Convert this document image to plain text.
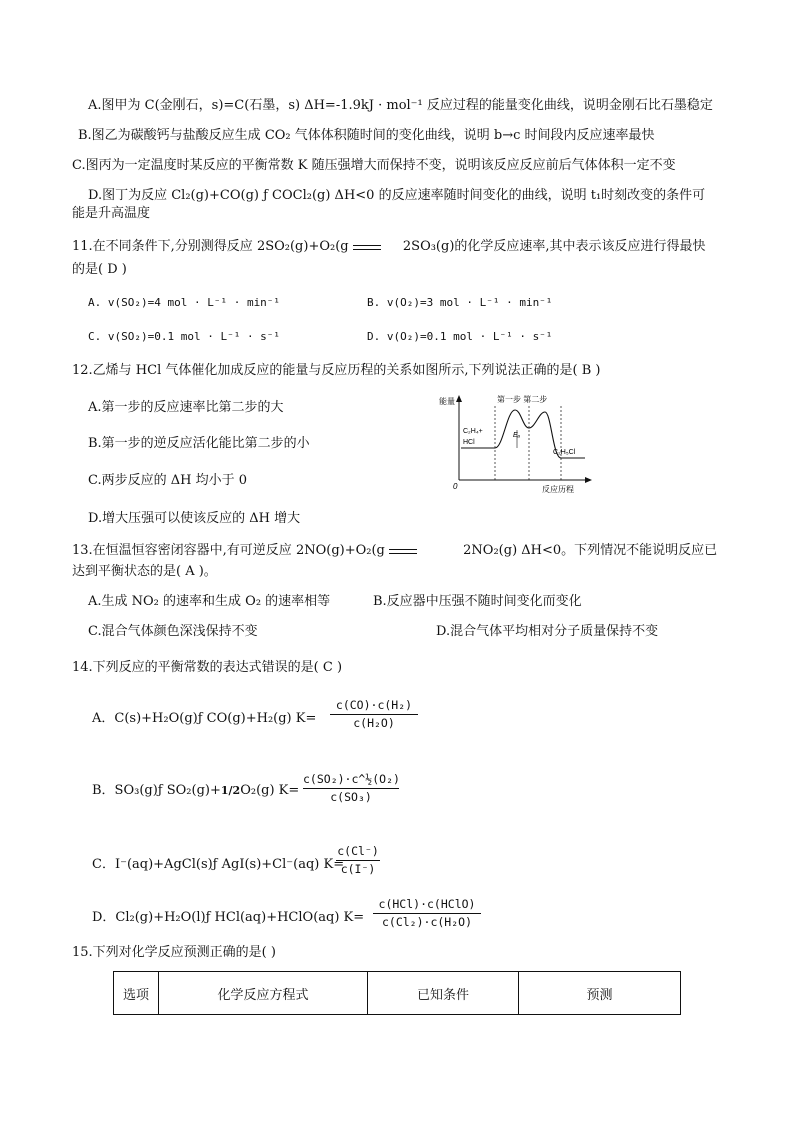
A.图甲为 C(金刚石，s)=C(石墨，s) ΔH=-1.9kJ · mol⁻¹ 反应过程的能量变化曲线，说明金刚石比石墨稳定
B.图乙为碳酸钙与盐酸反应生成 CO₂ 气体体积随时间的变化曲线，说明 b→c 时间段内反应速率最快
C.图丙为一定温度时某反应的平衡常数 K 随压强增大而保持不变，说明该反应反应前后气体体积一定不变
D.图丁为反应 Cl₂(g)+CO(g) ƒ COCl₂(g) ΔH<0 的反应速率随时间变化的曲线，说明 t₁时刻改变的条件可
能是升高温度
11.在不同条件下,分别测得反应 2SO₂(g)+O₂(g	2SO₃(g)的化学反应速率,其中表示该反应进行得最快
的是( D )
A. v(SO₂)=4 mol · L⁻¹ · min⁻¹	B. v(O₂)=3 mol · L⁻¹ · min⁻¹
C. v(SO₂)=0.1 mol · L⁻¹ · s⁻¹	D. v(O₂)=0.1 mol · L⁻¹ · s⁻¹
12.乙烯与 HCl 气体催化加成反应的能量与反应历程的关系如图所示,下列说法正确的是( B )
A.第一步的反应速率比第二步的大
B.第一步的逆反应活化能比第二步的小
C.两步反应的 ΔH 均小于 0
D.增大压强可以使该反应的 ΔH 增大
能量
反应历程
0
第一步 第二步
C₂H₄+
HCl
C₂H₅Cl
Eₐ
13.在恒温恒容密闭容器中,有可逆反应 2NO(g)+O₂(g	2NO₂(g) ΔH<0。下列情况不能说明反应已
达到平衡状态的是( A )。
A.生成 NO₂ 的速率和生成 O₂ 的速率相等	B.反应器中压强不随时间变化而变化
C.混合气体颜色深浅保持不变	D.混合气体平均相对分子质量保持不变
14.下列反应的平衡常数的表达式错误的是( C )
A．C(s)+H₂O(g)ƒ CO(g)+H₂(g) K=
c(CO)·c(H₂)
c(H₂O)
B．SO₃(g)ƒ SO₂(g)+1/2O₂(g) K=
c(SO₂)·c^½(O₂)
c(SO₃)
C．I⁻(aq)+AgCl(s)ƒ AgI(s)+Cl⁻(aq) K=
c(Cl⁻)
c(I⁻)
D．Cl₂(g)+H₂O(l)ƒ HCl(aq)+HClO(aq) K=
c(HCl)·c(HClO)
c(Cl₂)·c(H₂O)
15.下列对化学反应预测正确的是( )
选项	化学反应方程式	已知条件	预测
